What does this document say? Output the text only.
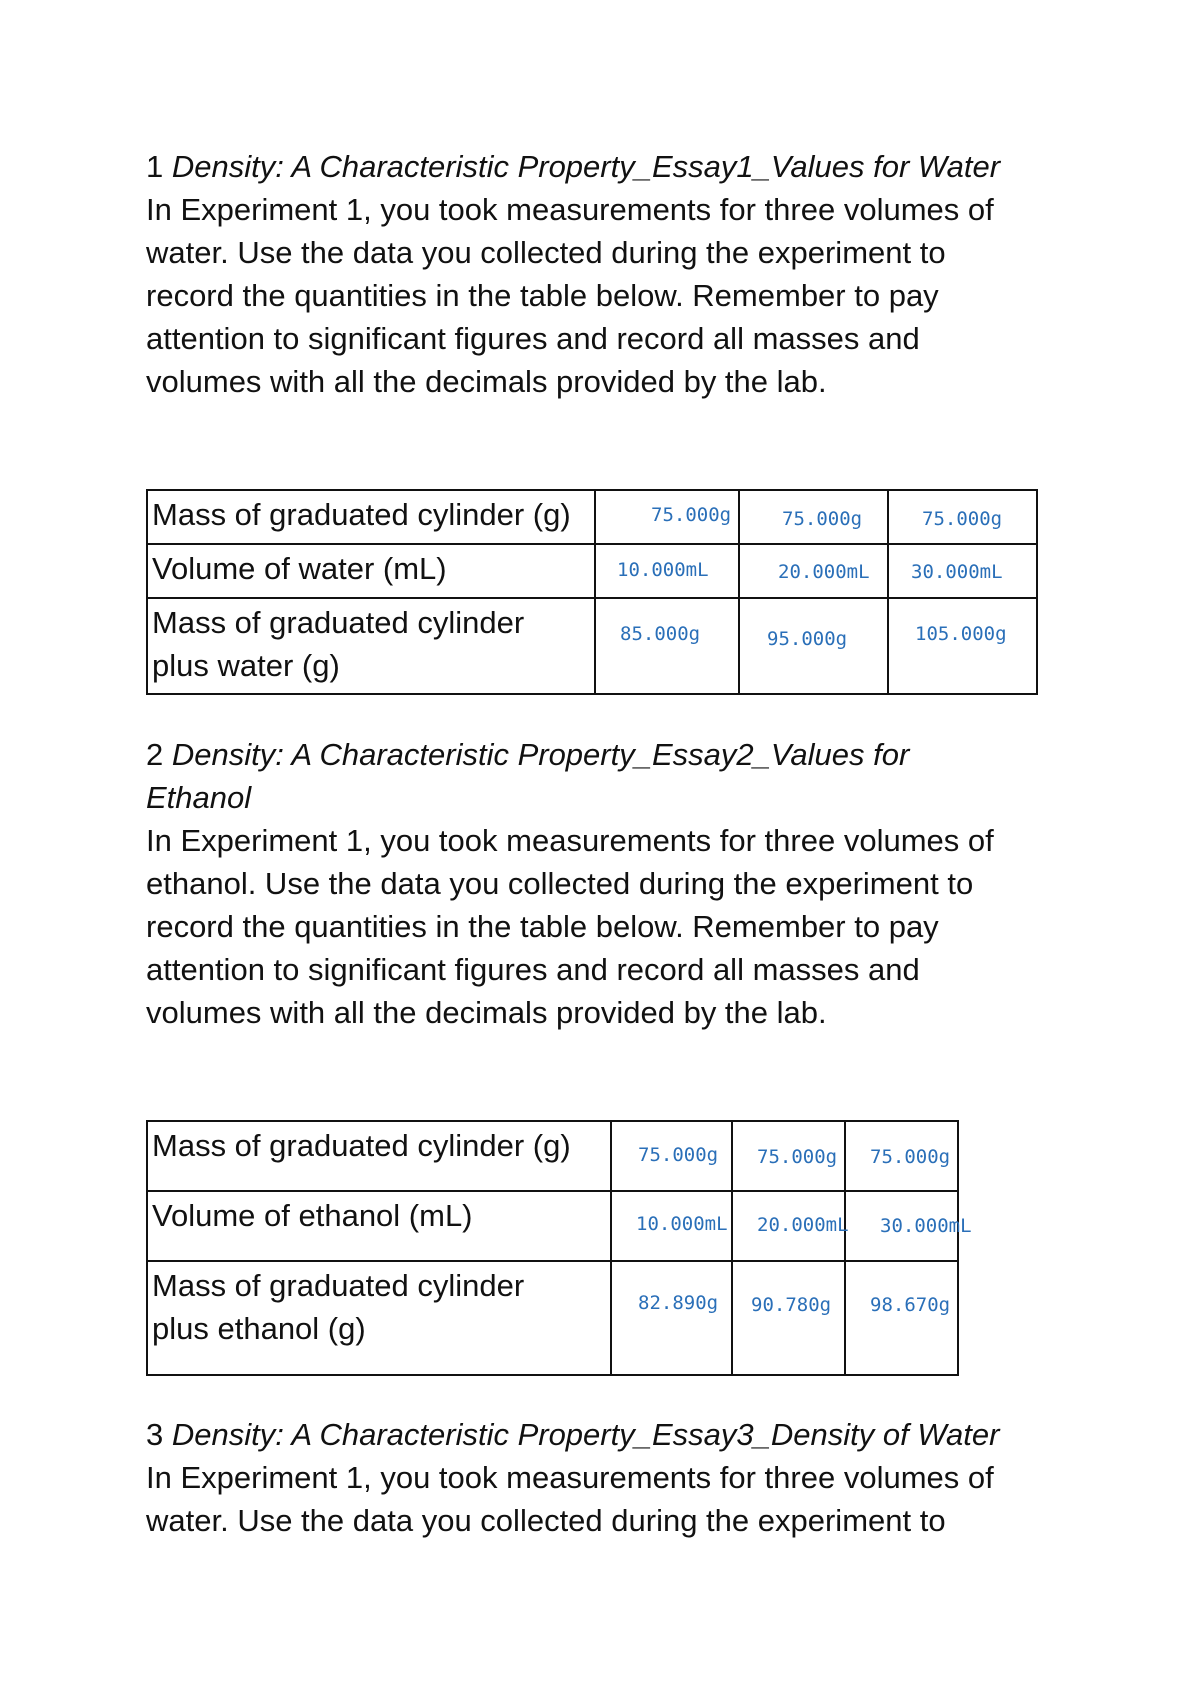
1 Density: A Characteristic Property_Essay1_Values for Water

In Experiment 1, you took measurements for three volumes of
water. Use the data you collected during the experiment to
record the quantities in the table below. Remember to pay
attention to significant figures and record all masses and
volumes with all the decimals provided by the lab.

Mass of graduated cylinder (g)	75.000g	75.000g	75.000g

Volume of water (mL)	10.000mL	20.000mL	30.000mL

Mass of graduated cylinder
plus water (g)	85.000g	95.000g	105.000g
2 Density: A Characteristic Property_Essay2_Values for
Ethanol

In Experiment 1, you took measurements for three volumes of
ethanol. Use the data you collected during the experiment to
record the quantities in the table below. Remember to pay
attention to significant figures and record all masses and
volumes with all the decimals provided by the lab.

Mass of graduated cylinder (g)	75.000g	75.000g	75.000g

Volume of ethanol (mL)	10.000mL	20.000mL	30.000mL

Mass of graduated cylinder
plus ethanol (g)	82.890g	90.780g	98.670g
3 Density: A Characteristic Property_Essay3_Density of Water

In Experiment 1, you took measurements for three volumes of
water. Use the data you collected during the experiment to
